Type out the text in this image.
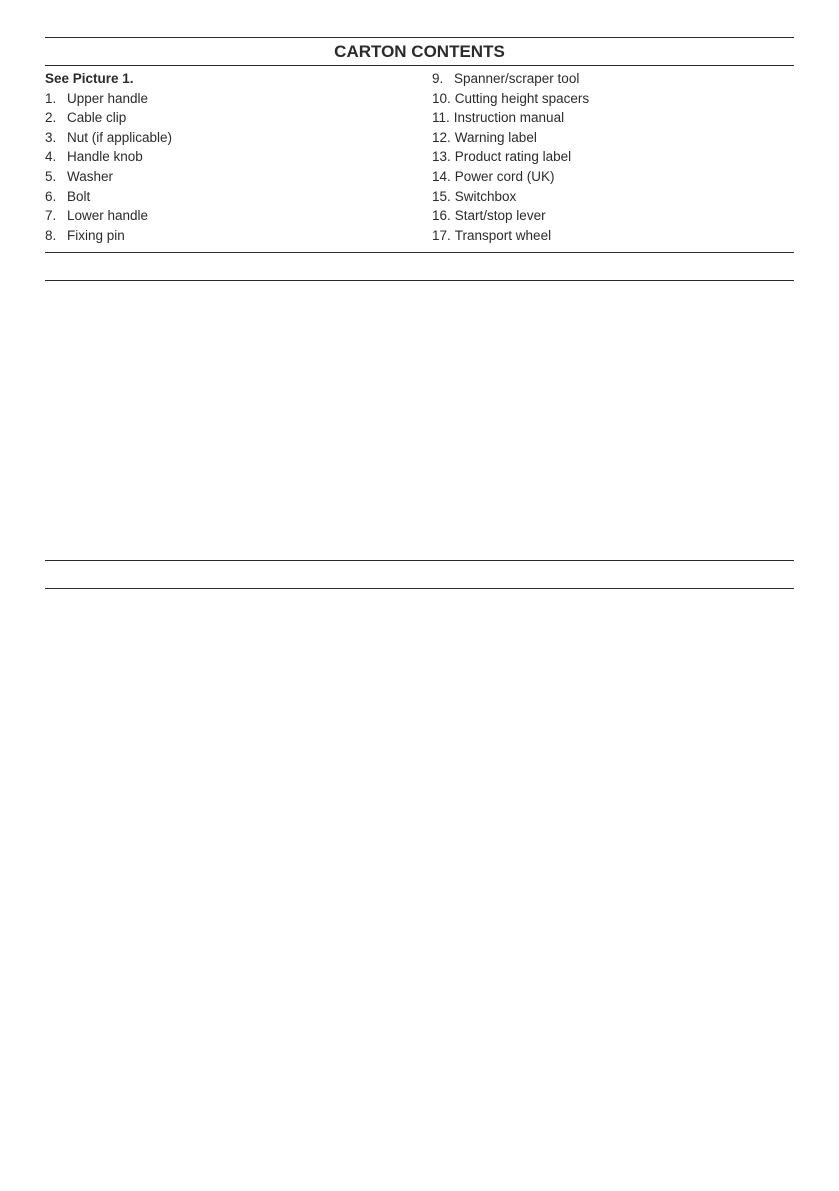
CARTON CONTENTS
See Picture 1.
1. Upper handle
2. Cable clip
3. Nut (if applicable)
4. Handle knob
5. Washer
6. Bolt
7. Lower handle
8. Fixing pin
9. Spanner/scraper tool
10. Cutting height spacers
11. Instruction manual
12. Warning label
13. Product rating label
14. Power cord (UK)
15. Switchbox
16. Start/stop lever
17. Transport wheel
